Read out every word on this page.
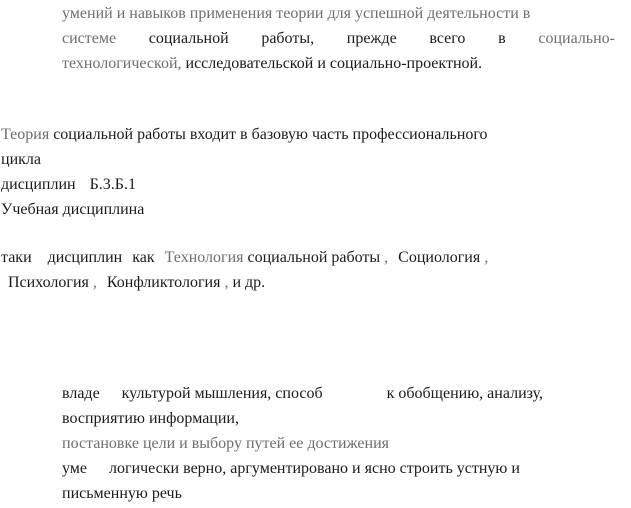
умений и навыков применения теории для успешной деятельности в
системе социальной работы, прежде всего в социально-
технологической, исследовательской и социально-проектной.
Теория социальной работы входит в базовую часть профессионального
цикла
дисциплин Б.3.Б.1
Учебная дисциплина
таки дисциплин как Технология социальной работы , Социология ,
Психология , Конфликтология , и др.
владе культурой мышления, способ	к обобщению, анализу,
восприятию информации,
постановке цели и выбору путей ее достижения
уме логически верно, аргументировано и ясно строить устную и
письменную речь
